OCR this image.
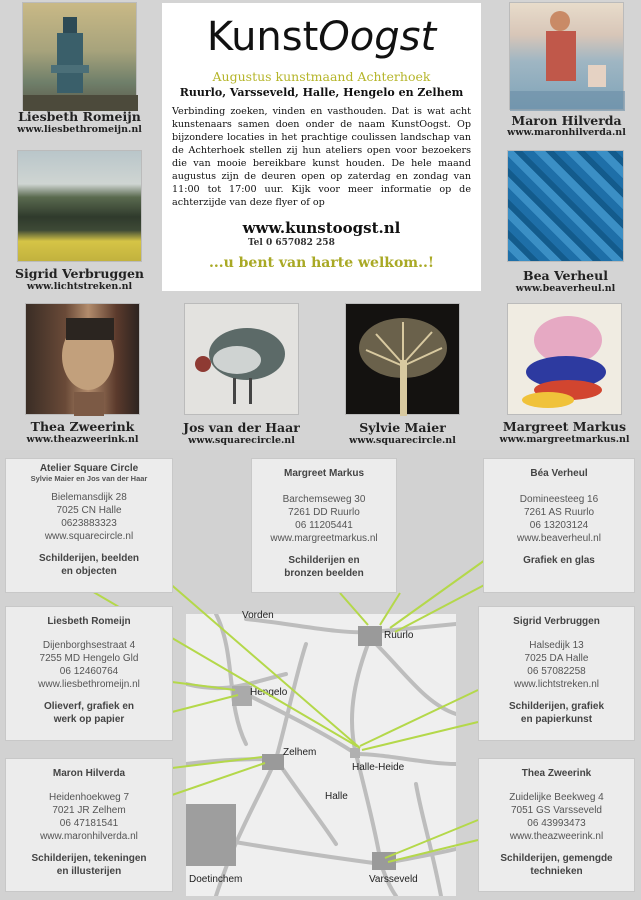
Liesbeth Romeijn
www.liesbethromeijn.nl
Maron Hilverda
www.maronhilverda.nl
Sigrid Verbruggen
www.lichtstreken.nl
Bea Verheul
www.beaverheul.nl
Thea Zweerink
www.theazweerink.nl
Jos van der Haar
www.squarecircle.nl
Sylvie Maier
www.squarecircle.nl
Margreet Markus
www.margreetmarkus.nl
KunstOogst
Augustus kunstmaand Achterhoek
Ruurlo, Varsseveld, Halle, Hengelo en Zelhem
Verbinding zoeken, vinden en vasthouden. Dat is wat acht kunstenaars samen doen onder de naam KunstOogst. Op bijzondere locaties in het prachtige coulissen landschap van de Achterhoek stellen zij hun ateliers open voor bezoekers die van mooie bereikbare kunst houden. De hele maand augustus zijn de deuren open op zaterdag en zondag van 11:00 tot 17:00 uur. Kijk voor meer informatie op de achterzijde van deze flyer of op
www.kunstoogst.nl
Tel 0 657082 258
...u bent van harte welkom..!
Vorden
Ruurlo
Hengelo
Zelhem
Halle-Heide
Halle
Doetinchem	Varsseveld
Atelier Square Circle
Sylvie Maier en Jos van der Haar
Bielemansdijk 28
7025 CN Halle
0623883323
www.squarecircle.nl
Schilderijen, beelden
en objecten
Margreet Markus
Barchemseweg 30
7261 DD Ruurlo
06 11205441
www.margreetmarkus.nl
Schilderijen en
bronzen beelden
Béa Verheul
Domineesteeg 16
7261 AS Ruurlo
06 13203124
www.beaverheul.nl
Grafiek en glas
Liesbeth Romeijn
Dijenborghsestraat 4
7255 MD Hengelo Gld
06 12460764
www.liesbethromeijn.nl
Olieverf, grafiek en
werk op papier
Sigrid Verbruggen
Halsedijk 13
7025 DA Halle
06 57082258
www.lichtstreken.nl
Schilderijen, grafiek
en papierkunst
Maron Hilverda
Heidenhoekweg 7
7021 JR Zelhem
06 47181541
www.maronhilverda.nl
Schilderijen, tekeningen
en illusterijen
Thea Zweerink
Zuidelijke Beekweg 4
7051 GS Varsseveld
06 43993473
www.theazweerink.nl
Schilderijen, gemengde
technieken
